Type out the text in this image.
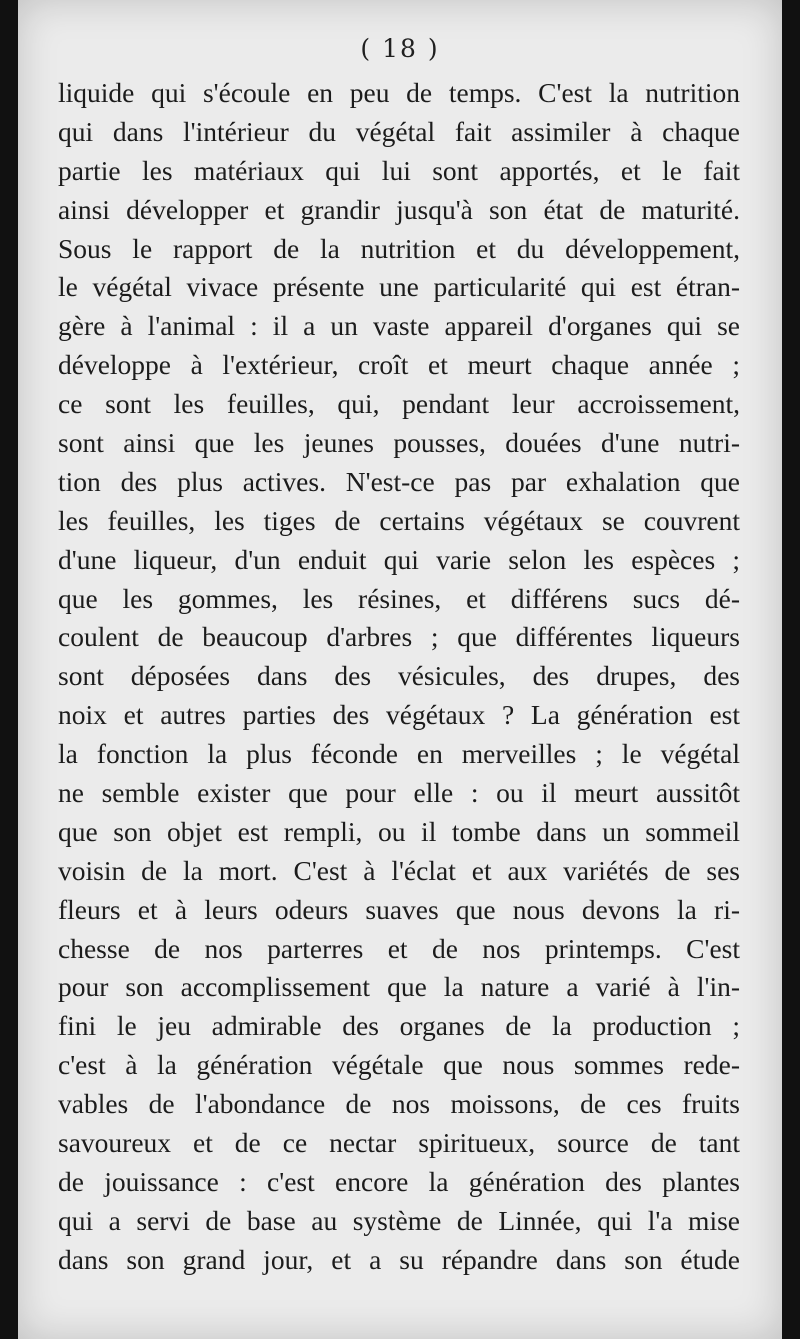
( 18 )
liquide qui s'écoule en peu de temps. C'est la nutrition
qui dans l'intérieur du végétal fait assimiler à chaque
partie les matériaux qui lui sont apportés, et le fait
ainsi développer et grandir jusqu'à son état de maturité.
Sous le rapport de la nutrition et du développement,
le végétal vivace présente une particularité qui est étran-
gère à l'animal : il a un vaste appareil d'organes qui se
développe à l'extérieur, croît et meurt chaque année ;
ce sont les feuilles, qui, pendant leur accroissement,
sont ainsi que les jeunes pousses, douées d'une nutri-
tion des plus actives. N'est-ce pas par exhalation que
les feuilles, les tiges de certains végétaux se couvrent
d'une liqueur, d'un enduit qui varie selon les espèces ;
que les gommes, les résines, et différens sucs dé-
coulent de beaucoup d'arbres ; que différentes liqueurs
sont déposées dans des vésicules, des drupes, des
noix et autres parties des végétaux ? La génération est
la fonction la plus féconde en merveilles ; le végétal
ne semble exister que pour elle : ou il meurt aussitôt
que son objet est rempli, ou il tombe dans un sommeil
voisin de la mort. C'est à l'éclat et aux variétés de ses
fleurs et à leurs odeurs suaves que nous devons la ri-
chesse de nos parterres et de nos printemps. C'est
pour son accomplissement que la nature a varié à l'in-
fini le jeu admirable des organes de la production ;
c'est à la génération végétale que nous sommes rede-
vables de l'abondance de nos moissons, de ces fruits
savoureux et de ce nectar spiritueux, source de tant
de jouissance : c'est encore la génération des plantes
qui a servi de base au système de Linnée, qui l'a mise
dans son grand jour, et a su répandre dans son étude
